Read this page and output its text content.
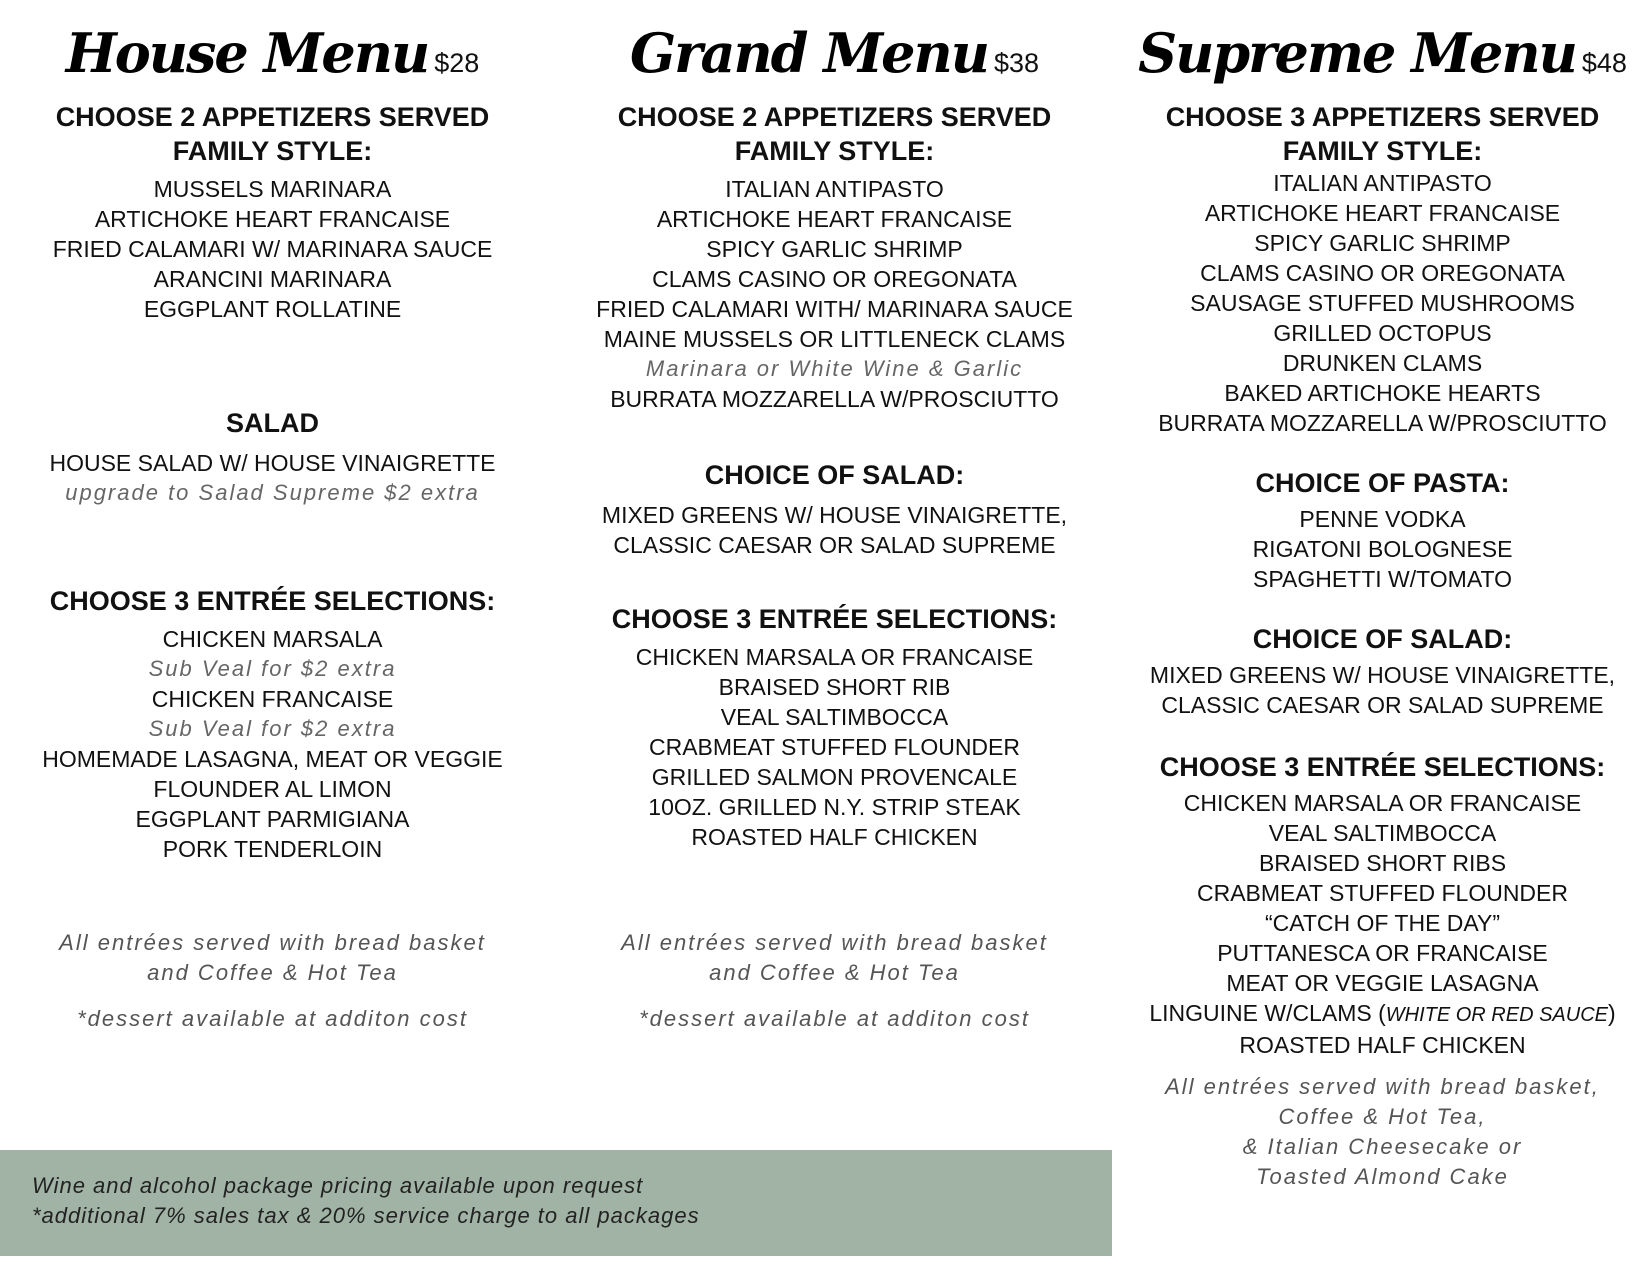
House Menu $28

CHOOSE 2 APPETIZERS SERVED

FAMILY STYLE:

MUSSELS MARINARA

ARTICHOKE HEART FRANCAISE

FRIED CALAMARI W/ MARINARA SAUCE

ARANCINI MARINARA

EGGPLANT ROLLATINE

SALAD

HOUSE SALAD W/ HOUSE VINAIGRETTE

upgrade to Salad Supreme $2 extra

CHOOSE 3 ENTRÉE SELECTIONS:

CHICKEN MARSALA

Sub Veal for $2 extra

CHICKEN FRANCAISE

Sub Veal for $2 extra

HOMEMADE LASAGNA, MEAT OR VEGGIE

FLOUNDER AL LIMON

EGGPLANT PARMIGIANA

PORK TENDERLOIN

All entrées served with bread basket

and Coffee & Hot Tea

*dessert available at additon cost

Grand Menu $38

CHOOSE 2 APPETIZERS SERVED

FAMILY STYLE:

ITALIAN ANTIPASTO

ARTICHOKE HEART FRANCAISE

SPICY GARLIC SHRIMP

CLAMS CASINO OR OREGONATA

FRIED CALAMARI WITH/ MARINARA SAUCE

MAINE MUSSELS OR LITTLENECK CLAMS

Marinara or White Wine & Garlic

BURRATA MOZZARELLA W/PROSCIUTTO

CHOICE OF SALAD:

MIXED GREENS W/ HOUSE VINAIGRETTE,

CLASSIC CAESAR OR SALAD SUPREME

CHOOSE 3 ENTRÉE SELECTIONS:

CHICKEN MARSALA OR FRANCAISE

BRAISED SHORT RIB

VEAL SALTIMBOCCA

CRABMEAT STUFFED FLOUNDER

GRILLED SALMON PROVENCALE

10OZ. GRILLED N.Y. STRIP STEAK

ROASTED HALF CHICKEN

All entrées served with bread basket

and Coffee & Hot Tea

*dessert available at additon cost

Supreme Menu $48

CHOOSE 3 APPETIZERS SERVED

FAMILY STYLE:

ITALIAN ANTIPASTO

ARTICHOKE HEART FRANCAISE

SPICY GARLIC SHRIMP

CLAMS CASINO OR OREGONATA

SAUSAGE STUFFED MUSHROOMS

GRILLED OCTOPUS

DRUNKEN CLAMS

BAKED ARTICHOKE HEARTS

BURRATA MOZZARELLA W/PROSCIUTTO

CHOICE OF PASTA:

PENNE VODKA

RIGATONI BOLOGNESE

SPAGHETTI W/TOMATO

CHOICE OF SALAD:

MIXED GREENS W/ HOUSE VINAIGRETTE,

CLASSIC CAESAR OR SALAD SUPREME

CHOOSE 3 ENTRÉE SELECTIONS:

CHICKEN MARSALA OR FRANCAISE

VEAL SALTIMBOCCA

BRAISED SHORT RIBS

CRABMEAT STUFFED FLOUNDER

“CATCH OF THE DAY”

PUTTANESCA OR FRANCAISE

MEAT OR VEGGIE LASAGNA

LINGUINE W/CLAMS (WHITE OR RED SAUCE)

ROASTED HALF CHICKEN

All entrées served with bread basket,

Coffee & Hot Tea,

& Italian Cheesecake or

Toasted Almond Cake

Wine and alcohol package pricing available upon request

*additional 7% sales tax & 20% service charge to all packages
